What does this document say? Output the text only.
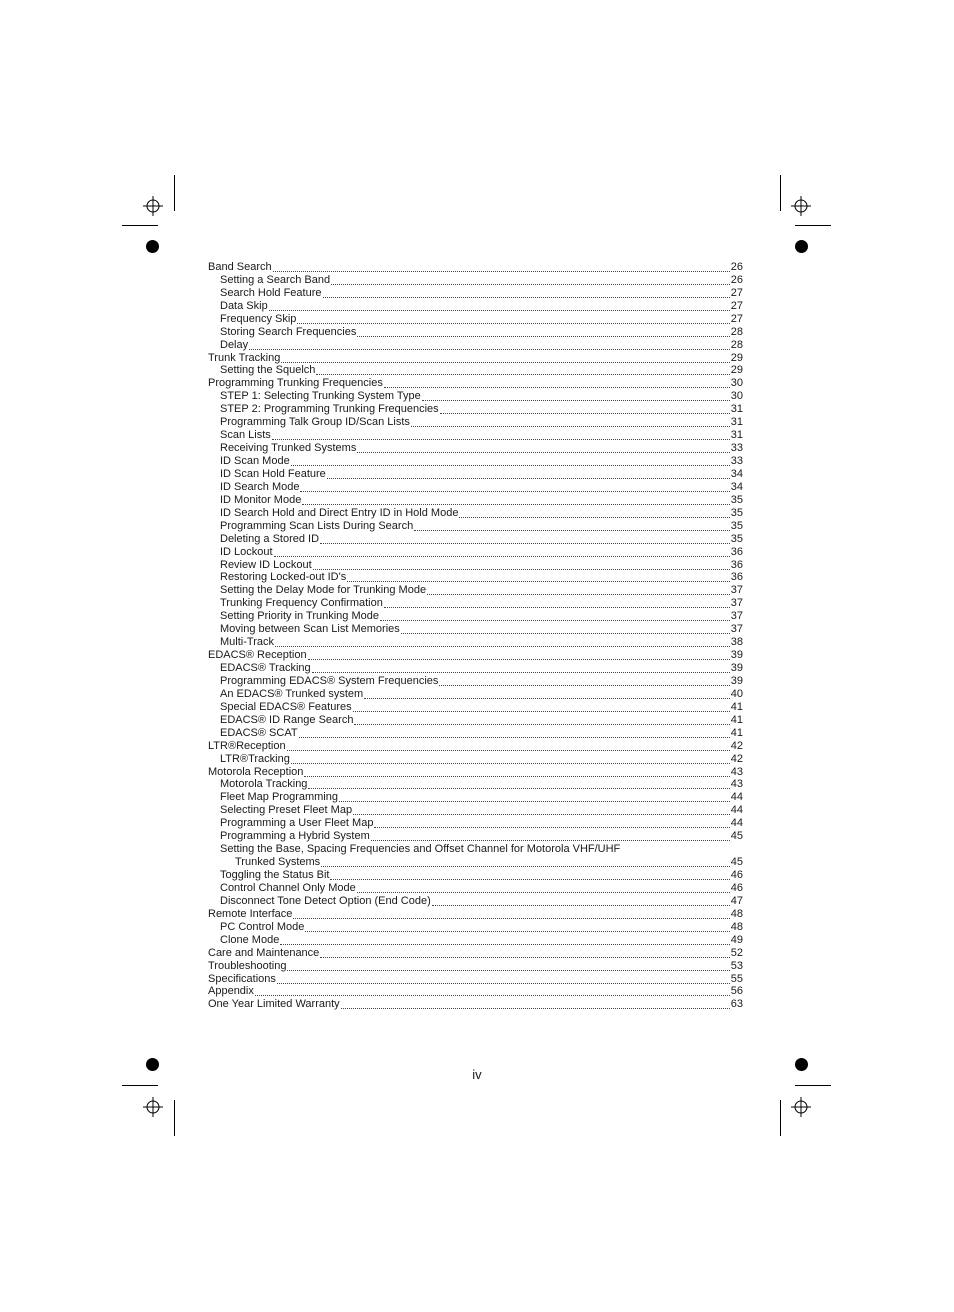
Band Search	26
Setting a Search Band	26
Search Hold Feature	27
Data Skip	27
Frequency Skip	27
Storing Search Frequencies	28
Delay	28
Trunk Tracking	29
Setting the Squelch	29
Programming Trunking Frequencies	30
STEP 1: Selecting Trunking System Type	30
STEP 2: Programming Trunking Frequencies	31
Programming Talk Group ID/Scan Lists	31
Scan Lists	31
Receiving Trunked Systems	33
ID Scan Mode	33
ID Scan Hold Feature	34
ID Search Mode	34
ID Monitor Mode	35
ID Search Hold and Direct Entry ID in Hold Mode	35
Programming Scan Lists During Search	35
Deleting a Stored ID	35
ID Lockout	36
Review ID Lockout	36
Restoring Locked-out ID's	36
Setting the Delay Mode for Trunking Mode	37
Trunking Frequency Confirmation	37
Setting Priority in Trunking Mode	37
Moving between Scan List Memories	37
Multi-Track	38
EDACS® Reception	39
EDACS® Tracking	39
Programming EDACS® System Frequencies	39
An EDACS® Trunked system	40
Special EDACS® Features	41
EDACS® ID Range Search	41
EDACS® SCAT	41
LTR®Reception	42
LTR®Tracking	42
Motorola Reception	43
Motorola Tracking	43
Fleet Map Programming	44
Selecting Preset Fleet Map	44
Programming a User Fleet Map	44
Programming a Hybrid System	45
Setting the Base, Spacing Frequencies and Offset Channel for Motorola VHF/UHF
Trunked Systems	45
Toggling the Status Bit	46
Control Channel Only Mode	46
Disconnect Tone Detect Option (End Code)	47
Remote Interface	48
PC Control Mode	48
Clone Mode	49
Care and Maintenance	52
Troubleshooting	53
Specifications	55
Appendix	56
One Year Limited Warranty	63
iv
